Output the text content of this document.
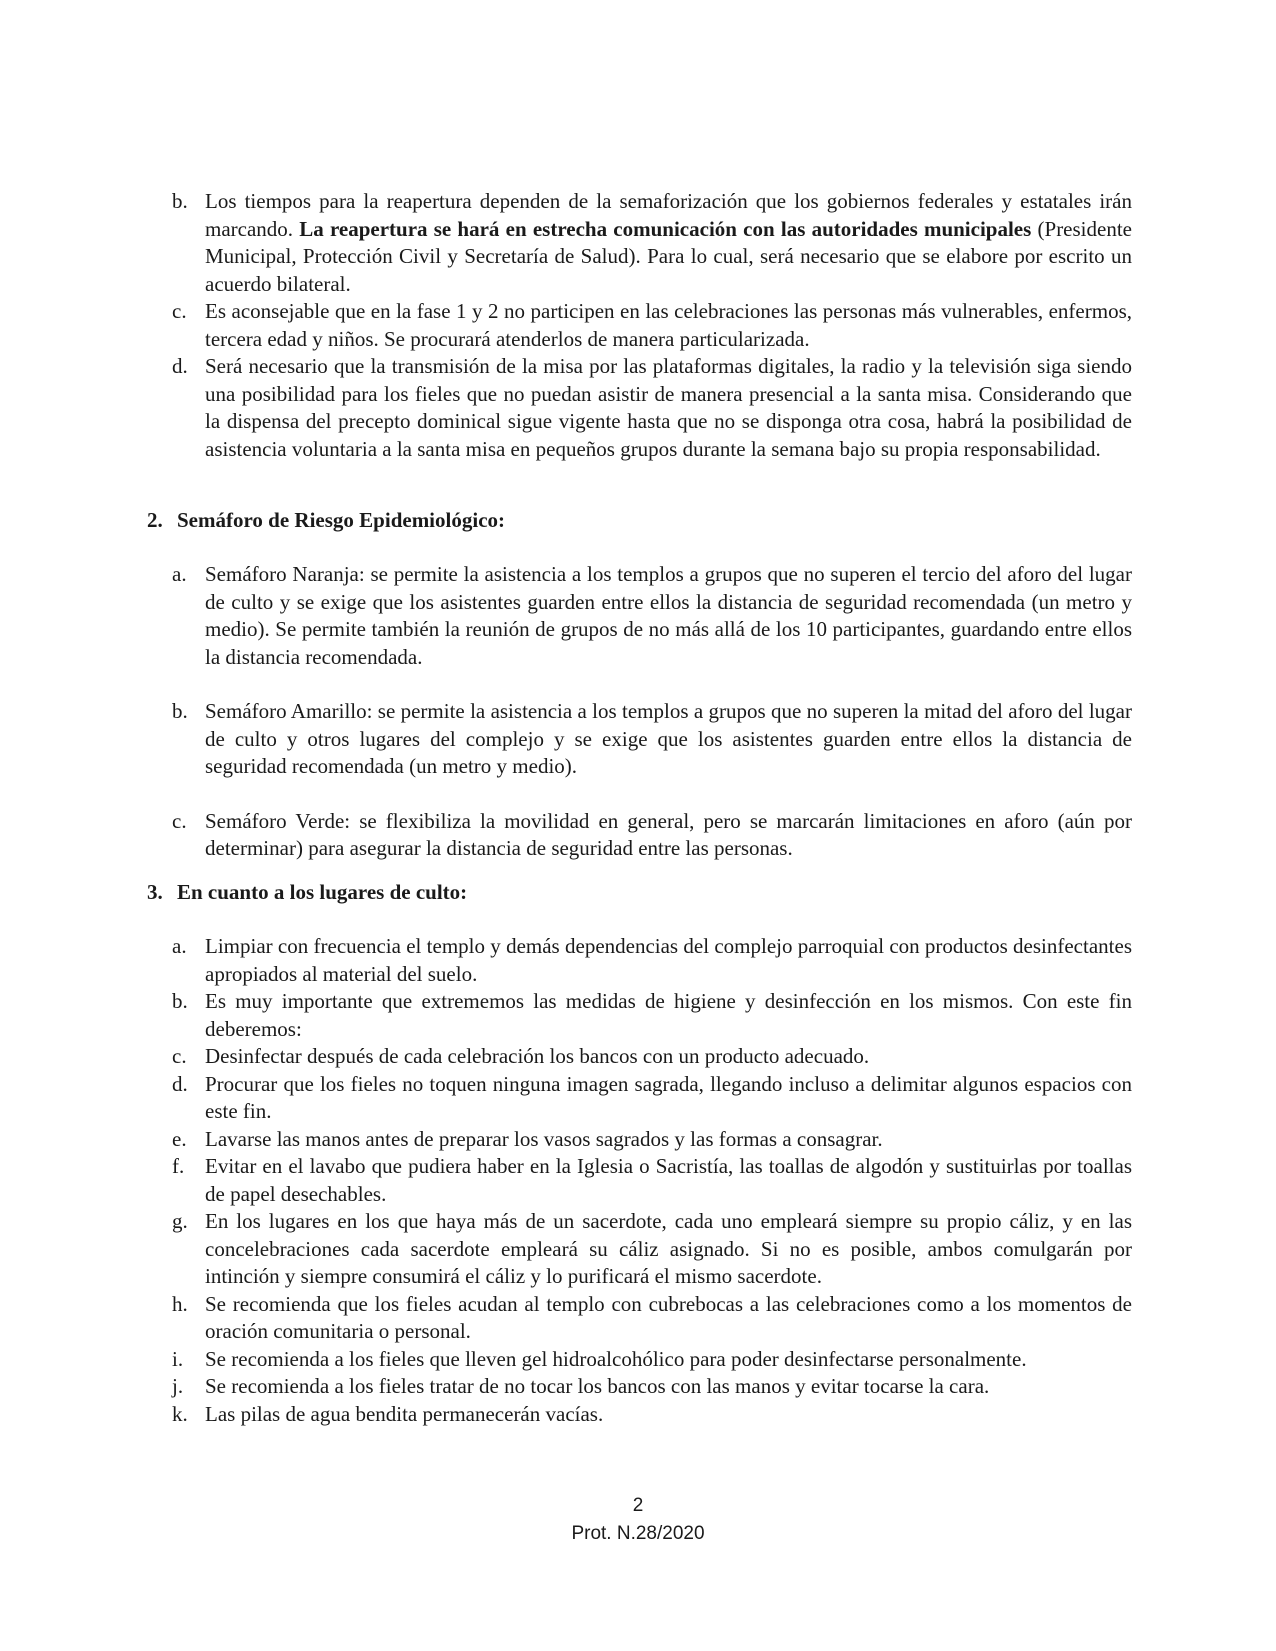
b. Los tiempos para la reapertura dependen de la semaforización que los gobiernos federales y estatales irán marcando. La reapertura se hará en estrecha comunicación con las autoridades municipales (Presidente Municipal, Protección Civil y Secretaría de Salud). Para lo cual, será necesario que se elabore por escrito un acuerdo bilateral.
c. Es aconsejable que en la fase 1 y 2 no participen en las celebraciones las personas más vulnerables, enfermos, tercera edad y niños. Se procurará atenderlos de manera particularizada.
d. Será necesario que la transmisión de la misa por las plataformas digitales, la radio y la televisión siga siendo una posibilidad para los fieles que no puedan asistir de manera presencial a la santa misa. Considerando que la dispensa del precepto dominical sigue vigente hasta que no se disponga otra cosa, habrá la posibilidad de asistencia voluntaria a la santa misa en pequeños grupos durante la semana bajo su propia responsabilidad.
2. Semáforo de Riesgo Epidemiológico:
a. Semáforo Naranja: se permite la asistencia a los templos a grupos que no superen el tercio del aforo del lugar de culto y se exige que los asistentes guarden entre ellos la distancia de seguridad recomendada (un metro y medio). Se permite también la reunión de grupos de no más allá de los 10 participantes, guardando entre ellos la distancia recomendada.
b. Semáforo Amarillo: se permite la asistencia a los templos a grupos que no superen la mitad del aforo del lugar de culto y otros lugares del complejo y se exige que los asistentes guarden entre ellos la distancia de seguridad recomendada (un metro y medio).
c. Semáforo Verde: se flexibiliza la movilidad en general, pero se marcarán limitaciones en aforo (aún por determinar) para asegurar la distancia de seguridad entre las personas.
3. En cuanto a los lugares de culto:
a. Limpiar con frecuencia el templo y demás dependencias del complejo parroquial con productos desinfectantes apropiados al material del suelo.
b. Es muy importante que extrememos las medidas de higiene y desinfección en los mismos. Con este fin deberemos:
c. Desinfectar después de cada celebración los bancos con un producto adecuado.
d. Procurar que los fieles no toquen ninguna imagen sagrada, llegando incluso a delimitar algunos espacios con este fin.
e. Lavarse las manos antes de preparar los vasos sagrados y las formas a consagrar.
f. Evitar en el lavabo que pudiera haber en la Iglesia o Sacristía, las toallas de algodón y sustituirlas por toallas de papel desechables.
g. En los lugares en los que haya más de un sacerdote, cada uno empleará siempre su propio cáliz, y en las concelebraciones cada sacerdote empleará su cáliz asignado. Si no es posible, ambos comulgarán por intinción y siempre consumirá el cáliz y lo purificará el mismo sacerdote.
h. Se recomienda que los fieles acudan al templo con cubrebocas a las celebraciones como a los momentos de oración comunitaria o personal.
i. Se recomienda a los fieles que lleven gel hidroalcohólico para poder desinfectarse personalmente.
j. Se recomienda a los fieles tratar de no tocar los bancos con las manos y evitar tocarse la cara.
k. Las pilas de agua bendita permanecerán vacías.
2
Prot. N.28/2020
